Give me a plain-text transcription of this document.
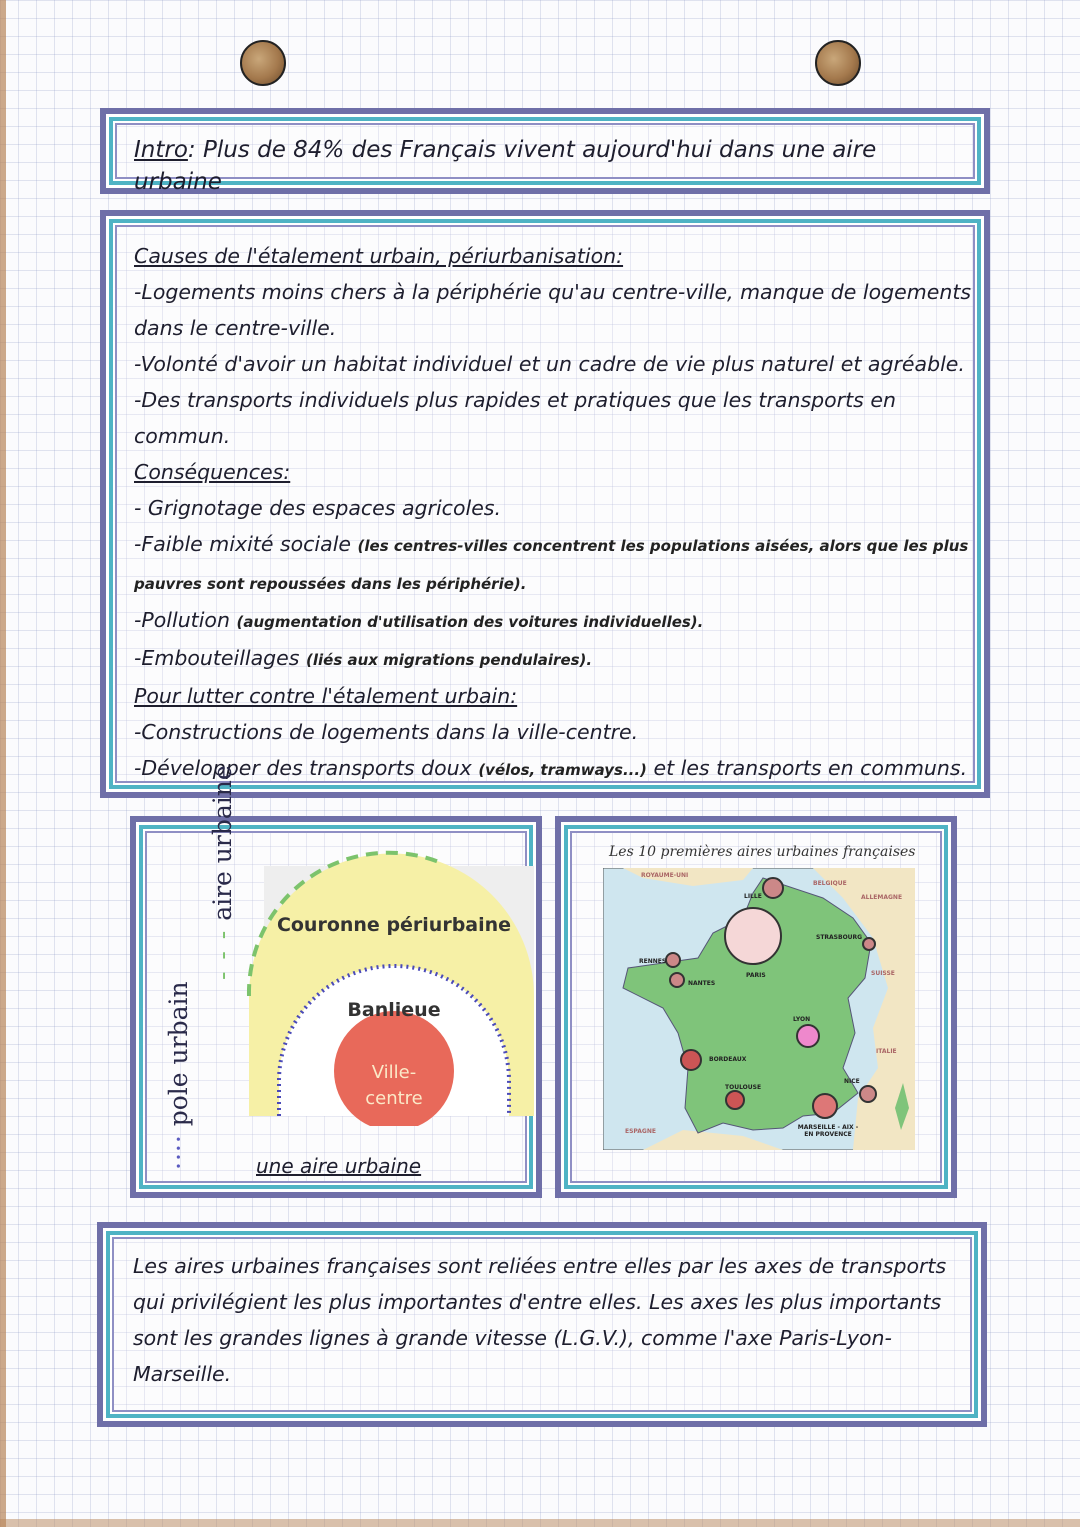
Intro: Plus de 84% des Français vivent aujourd'hui dans une aire urbaine
Causes de l'étalement urbain, périurbanisation:
-Logements moins chers à la périphérie qu'au centre-ville, manque de logements
dans le centre-ville.
-Volonté d'avoir un habitat individuel et un cadre de vie plus naturel et agréable.
-Des transports individuels plus rapides et pratiques que les transports en
commun.
Conséquences:
- Grignotage des espaces agricoles.
-Faible mixité sociale (les centres-villes concentrent les populations aisées, alors que les plus
pauvres sont repoussées dans les périphérie).
-Pollution (augmentation d'utilisation des voitures individuelles).
-Embouteillages (liés aux migrations pendulaires).
Pour lutter contre l'étalement urbain:
-Constructions de logements dans la ville-centre.
-Développer des transports doux (vélos, tramways...) et les transports en communs.
- - - aire urbaine
···· pole urbain
Couronne périurbaine
Banlieue
Ville-
centre
une aire urbaine
Les 10 premières aires urbaines françaises
LILLE
PARIS
RENNES
NANTES
STRASBOURG
LYON
BORDEAUX
TOULOUSE
NICE
MARSEILLE - AIX - EN PROVENCE
ROYAUME-UNI
BELGIQUE
ALLEMAGNE
SUISSE
ITALIE
ESPAGNE
Les aires urbaines françaises sont reliées entre elles par les axes de transports
qui privilégient les plus importantes d'entre elles. Les axes les plus importants
sont les grandes lignes à grande vitesse (L.G.V.), comme l'axe Paris-Lyon-
Marseille.
